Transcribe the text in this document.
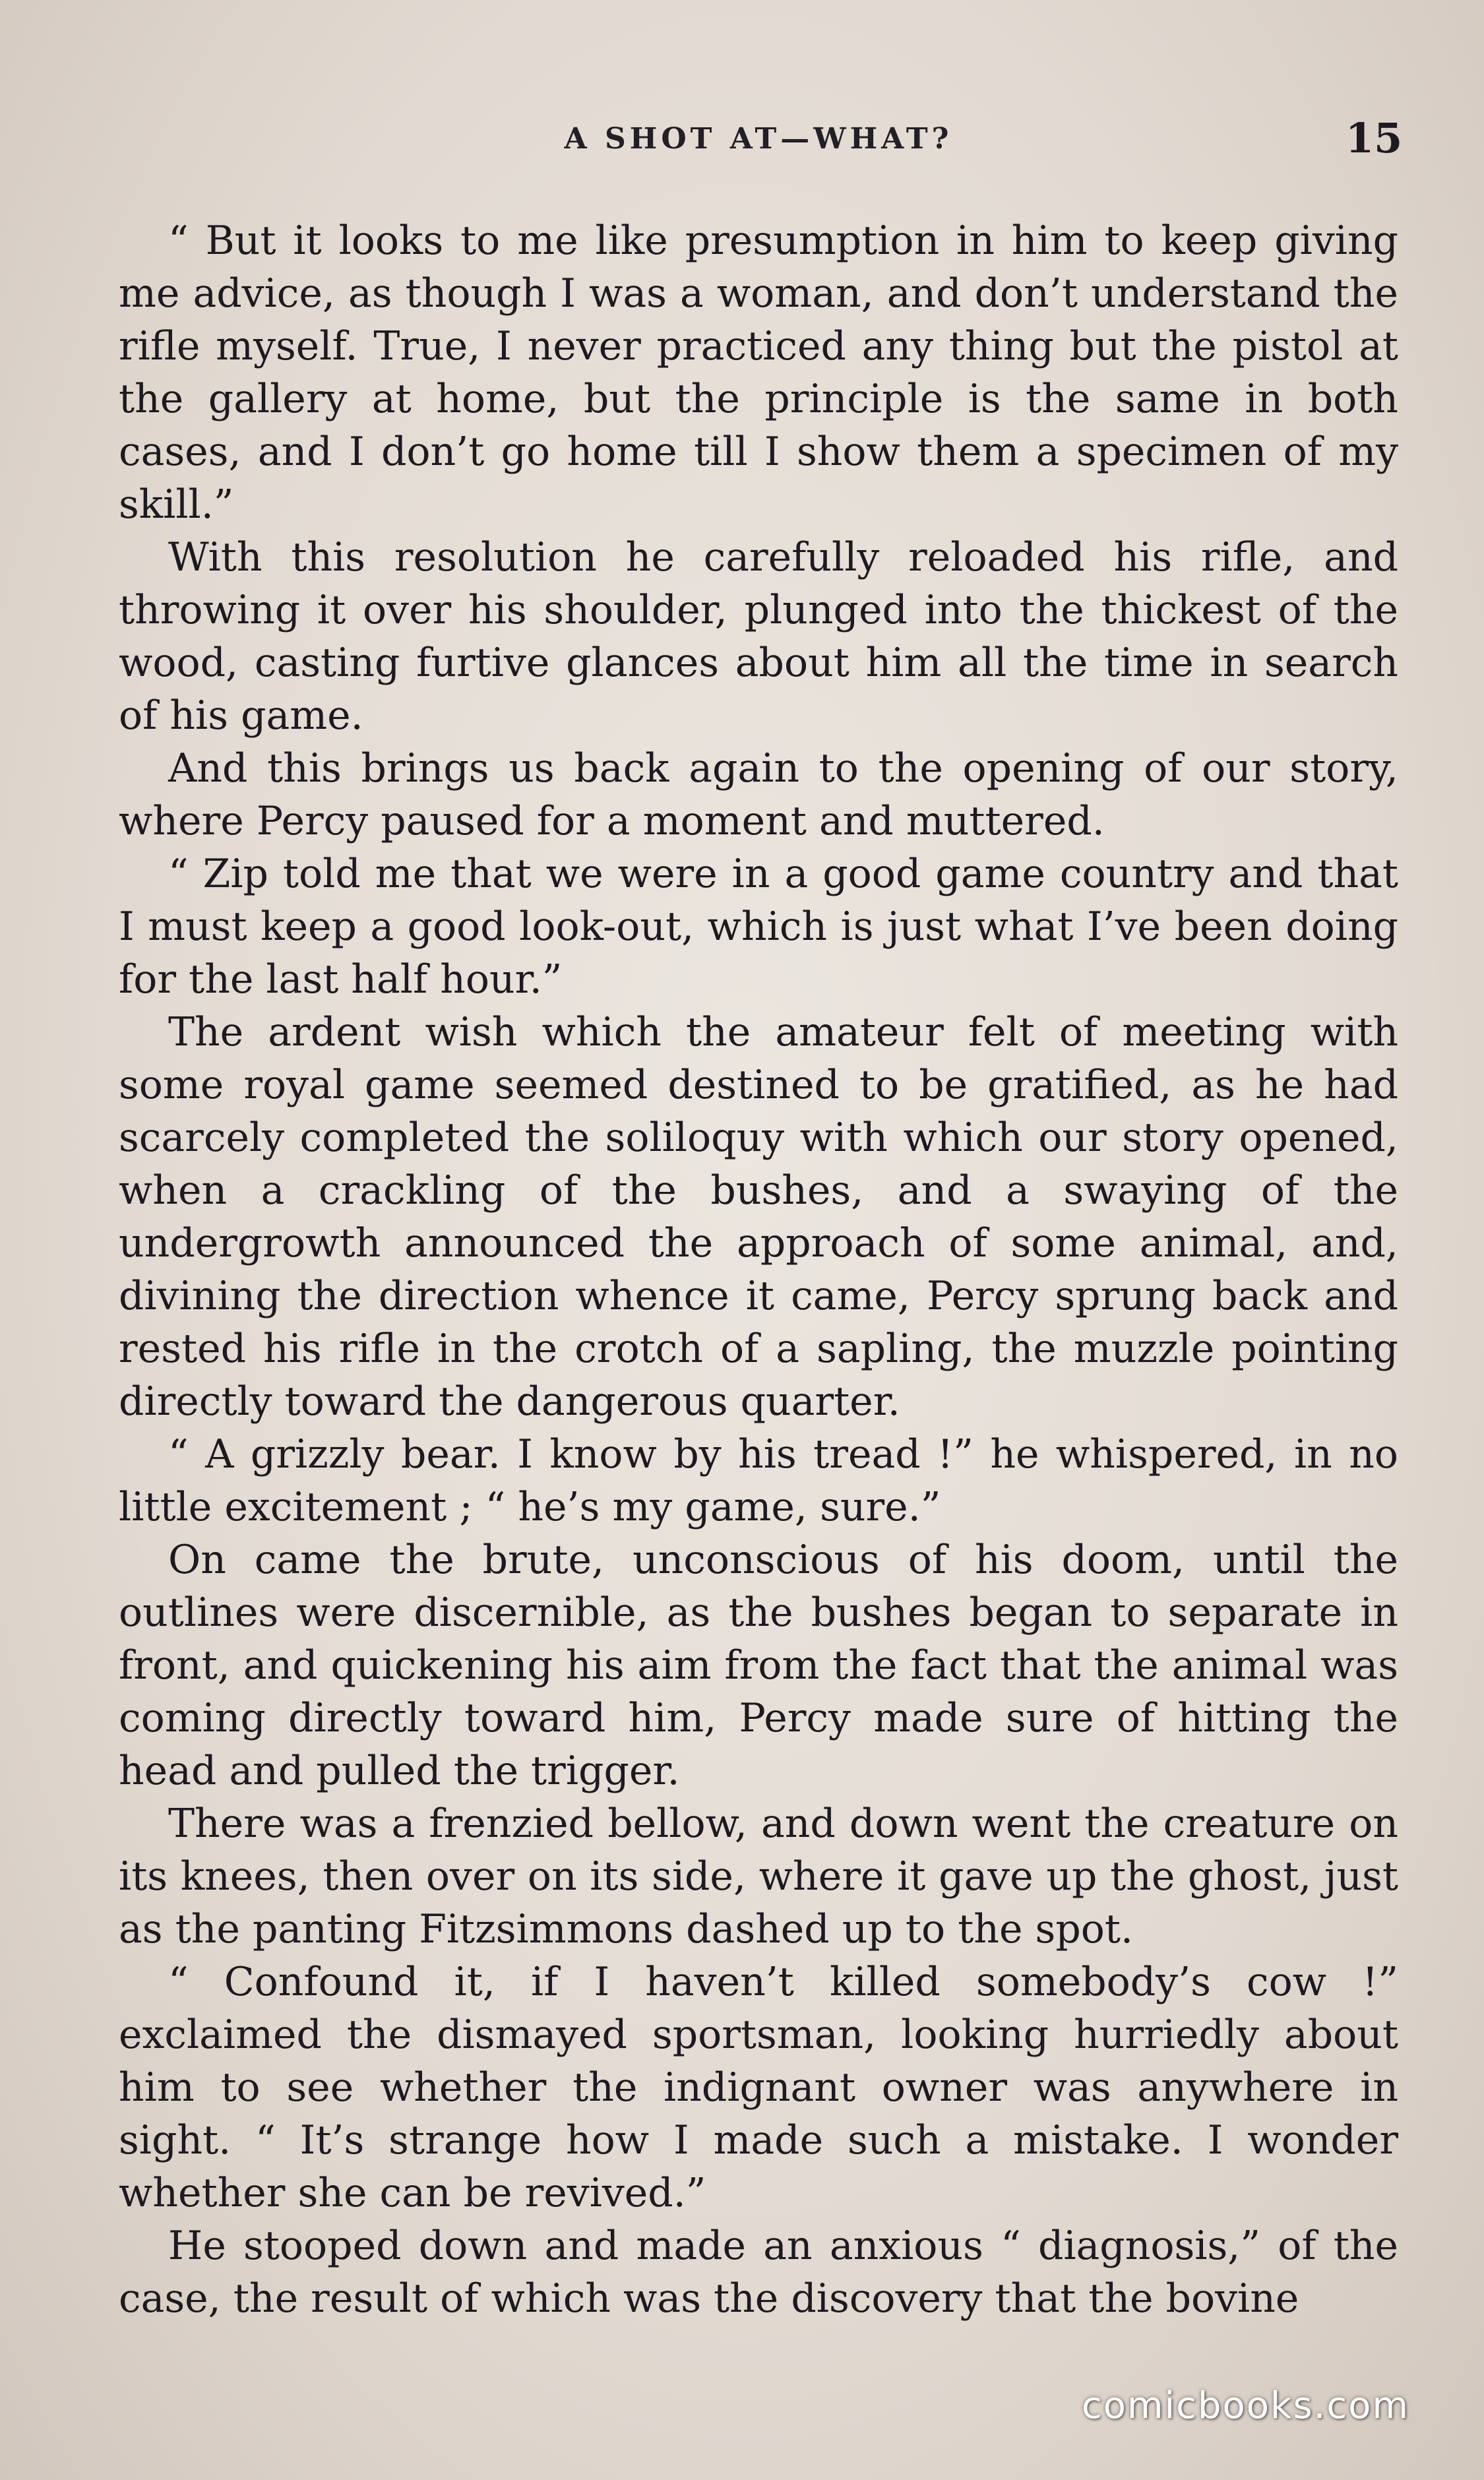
A SHOT AT—WHAT?	15

“ But it looks to me like presumption in him to keep giving me advice, as though I was a woman, and don’t understand the rifle myself. True, I never practiced any thing but the pistol at the gallery at home, but the principle is the same in both cases, and I don’t go home till I show them a specimen of my skill.”

With this resolution he carefully reloaded his rifle, and throwing it over his shoulder, plunged into the thickest of the wood, casting furtive glances about him all the time in search of his game.

And this brings us back again to the opening of our story, where Percy paused for a moment and muttered.

“ Zip told me that we were in a good game country and that I must keep a good look-out, which is just what I’ve been doing for the last half hour.”

The ardent wish which the amateur felt of meeting with some royal game seemed destined to be gratified, as he had scarcely completed the soliloquy with which our story opened, when a crackling of the bushes, and a swaying of the undergrowth announced the approach of some animal, and, divining the direction whence it came, Percy sprung back and rested his rifle in the crotch of a sapling, the muzzle pointing directly toward the dangerous quarter.

“ A grizzly bear. I know by his tread !” he whispered, in no little excitement ; “ he’s my game, sure.”

On came the brute, unconscious of his doom, until the outlines were discernible, as the bushes began to separate in front, and quickening his aim from the fact that the animal was coming directly toward him, Percy made sure of hitting the head and pulled the trigger.

There was a frenzied bellow, and down went the creature on its knees, then over on its side, where it gave up the ghost, just as the panting Fitzsimmons dashed up to the spot.

“ Confound it, if I haven’t killed somebody’s cow !” exclaimed the dismayed sportsman, looking hurriedly about him to see whether the indignant owner was anywhere in sight. “ It’s strange how I made such a mistake. I wonder whether she can be revived.”

He stooped down and made an anxious “ diagnosis,” of the case, the result of which was the discovery that the bovine

comicbooks.com
